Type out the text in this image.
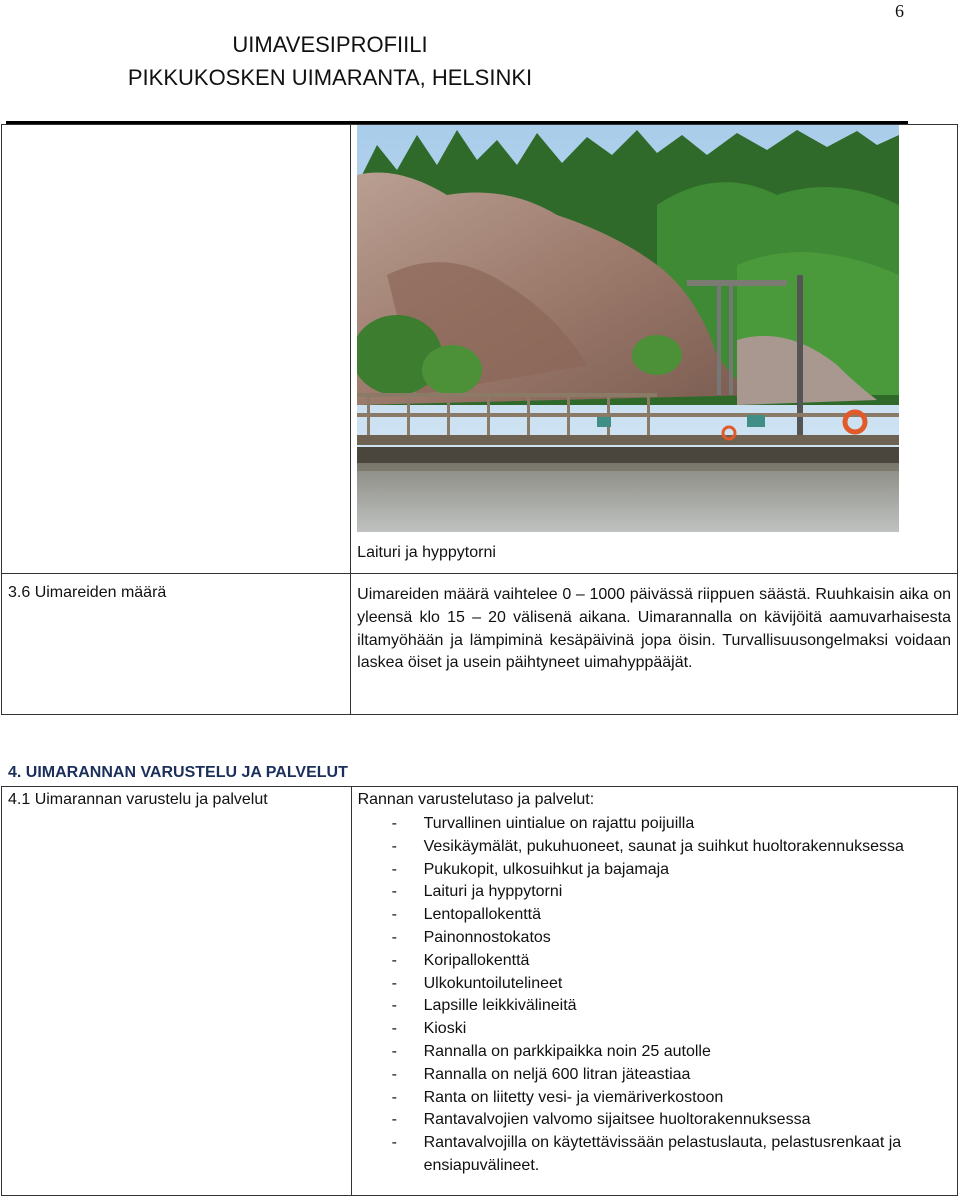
6
UIMAVESIPROFIILI
PIKKUKOSKEN UIMARANTA, HELSINKI

	Laituri ja hyppytorni

3.6 Uimareiden määrä	Uimareiden määrä vaihtelee 0 – 1000 päivässä riippuen säästä. Ruuhkaisin aika on yleensä klo 15 – 20 välisenä aikana. Uimarannalla on kävijöitä aamuvarhaisesta iltamyöhään ja lämpiminä kesäpäivinä jopa öisin. Turvallisuusongelmaksi voidaan laskea öiset ja usein päihtyneet uimahyppääjät.
4. UIMARANNAN VARUSTELU JA PALVELUT
4.1 Uimarannan varustelu ja palvelut	Rannan varustelutaso ja palvelut:
- Turvallinen uintialue on rajattu poijuilla
- Vesikäymälät, pukuhuoneet, saunat ja suihkut huoltorakennuksessa
- Pukukopit, ulkosuihkut ja bajamaja
- Laituri ja hyppytorni
- Lentopallokenttä
- Painonnostokatos
- Koripallokenttä
- Ulkokuntoilutelineet
- Lapsille leikkivälineitä
- Kioski
- Rannalla on parkkipaikka noin 25 autolle
- Rannalla on neljä 600 litran jäteastiaa
- Ranta on liitetty vesi- ja viemäriverkostoon
- Rantavalvojien valvomo sijaitsee huoltorakennuksessa
- Rantavalvojilla on käytettävissään pelastuslauta, pelastusrenkaat ja ensiapuvälineet.
